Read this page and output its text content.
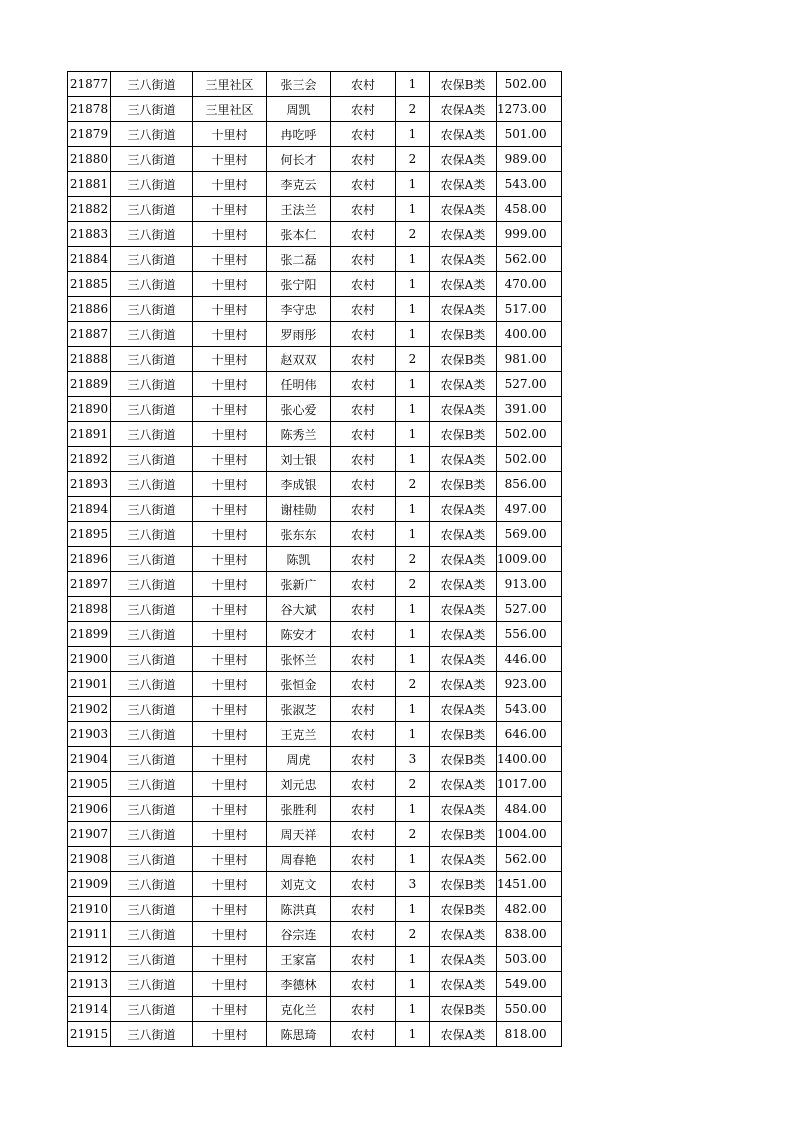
21877	三八街道	三里社区	张三会	农村	1	农保B类	502.00
21878	三八街道	三里社区	周凯	农村	2	农保A类	1273.00
21879	三八街道	十里村	冉吃呼	农村	1	农保A类	501.00
21880	三八街道	十里村	何长才	农村	2	农保A类	989.00
21881	三八街道	十里村	李克云	农村	1	农保A类	543.00
21882	三八街道	十里村	王法兰	农村	1	农保A类	458.00
21883	三八街道	十里村	张本仁	农村	2	农保A类	999.00
21884	三八街道	十里村	张二磊	农村	1	农保A类	562.00
21885	三八街道	十里村	张宁阳	农村	1	农保A类	470.00
21886	三八街道	十里村	李守忠	农村	1	农保A类	517.00
21887	三八街道	十里村	罗雨彤	农村	1	农保B类	400.00
21888	三八街道	十里村	赵双双	农村	2	农保B类	981.00
21889	三八街道	十里村	任明伟	农村	1	农保A类	527.00
21890	三八街道	十里村	张心爱	农村	1	农保A类	391.00
21891	三八街道	十里村	陈秀兰	农村	1	农保B类	502.00
21892	三八街道	十里村	刘士银	农村	1	农保A类	502.00
21893	三八街道	十里村	李成银	农村	2	农保B类	856.00
21894	三八街道	十里村	谢桂勋	农村	1	农保A类	497.00
21895	三八街道	十里村	张东东	农村	1	农保A类	569.00
21896	三八街道	十里村	陈凯	农村	2	农保A类	1009.00
21897	三八街道	十里村	张新广	农村	2	农保A类	913.00
21898	三八街道	十里村	谷大斌	农村	1	农保A类	527.00
21899	三八街道	十里村	陈安才	农村	1	农保A类	556.00
21900	三八街道	十里村	张怀兰	农村	1	农保A类	446.00
21901	三八街道	十里村	张恒金	农村	2	农保A类	923.00
21902	三八街道	十里村	张淑芝	农村	1	农保A类	543.00
21903	三八街道	十里村	王克兰	农村	1	农保B类	646.00
21904	三八街道	十里村	周虎	农村	3	农保B类	1400.00
21905	三八街道	十里村	刘元忠	农村	2	农保A类	1017.00
21906	三八街道	十里村	张胜利	农村	1	农保A类	484.00
21907	三八街道	十里村	周天祥	农村	2	农保B类	1004.00
21908	三八街道	十里村	周春艳	农村	1	农保A类	562.00
21909	三八街道	十里村	刘克文	农村	3	农保B类	1451.00
21910	三八街道	十里村	陈洪真	农村	1	农保B类	482.00
21911	三八街道	十里村	谷宗连	农村	2	农保A类	838.00
21912	三八街道	十里村	王家富	农村	1	农保A类	503.00
21913	三八街道	十里村	李德林	农村	1	农保A类	549.00
21914	三八街道	十里村	克化兰	农村	1	农保B类	550.00
21915	三八街道	十里村	陈思琦	农村	1	农保A类	818.00
